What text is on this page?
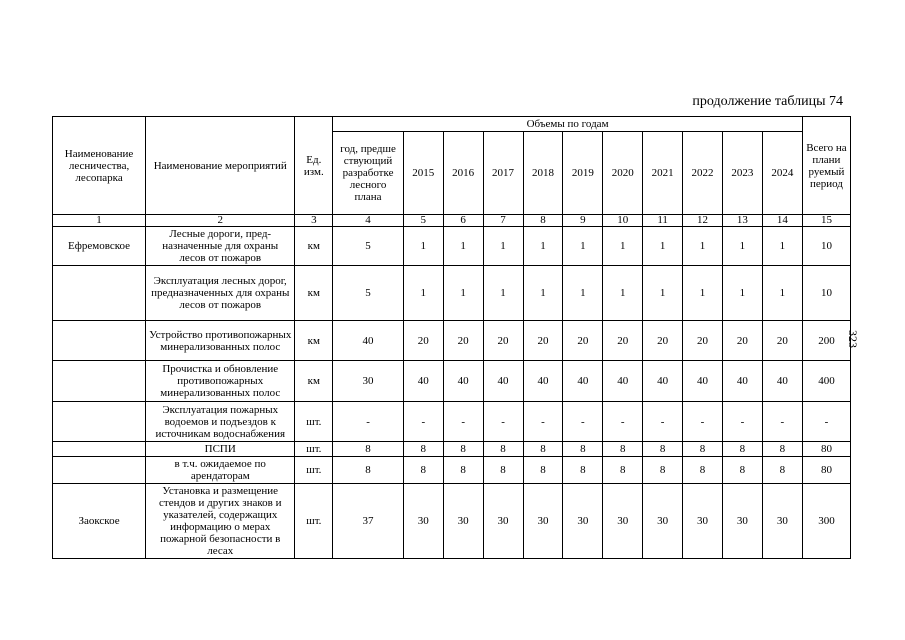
продолжение таблицы 74
323
Наименование лесничества, лесопарка	Наименование мероприятий	Ед. изм.	Объемы по годам											Всего на плани руемый период
			год, предше ствующий разработке лесного плана	2015	2016	2017	2018	2019	2020	2021	2022	2023	2024	
1	2	3	4	5	6	7	8	9	10	11	12	13	14	15
Ефремовское	Лесные дороги, пред-назначенные для охраны лесов от пожаров	км	5	1	1	1	1	1	1	1	1	1	1	10
	Эксплуатация лесных дорог, предназначенных для охраны лесов от пожаров	км	5	1	1	1	1	1	1	1	1	1	1	10
	Устройство противопожарных минерализованных полос	км	40	20	20	20	20	20	20	20	20	20	20	200
	Прочистка и обновление противопожарных минерализованных полос	км	30	40	40	40	40	40	40	40	40	40	40	400
	Эксплуатация пожарных водоемов и подъездов к источникам водоснабжения	шт.	-	-	-	-	-	-	-	-	-	-	-	-
	ПСПИ	шт.	8	8	8	8	8	8	8	8	8	8	8	80
	в т.ч. ожидаемое по арендаторам	шт.	8	8	8	8	8	8	8	8	8	8	8	80
Заокское	Установка и размещение стендов и других знаков и указателей, содержащих информацию о мерах пожарной безопасности в лесах	шт.	37	30	30	30	30	30	30	30	30	30	30	300
